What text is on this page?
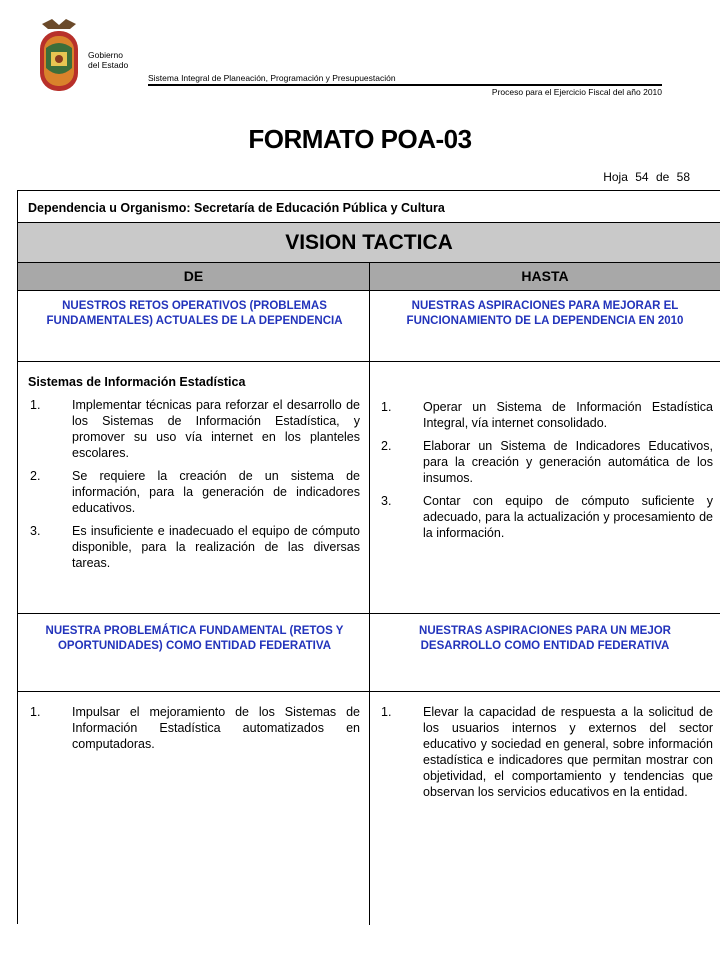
Gobierno
del Estado
Sistema Integral de Planeación, Programación y Presupuestación
Proceso para el Ejercicio Fiscal del año 2010
FORMATO POA-03
Hoja 54 de 58
Dependencia u Organismo: Secretaría de Educación Pública y Cultura
VISION TACTICA
DE	HASTA
NUESTROS RETOS OPERATIVOS (PROBLEMAS FUNDAMENTALES) ACTUALES DE LA DEPENDENCIA
NUESTRAS ASPIRACIONES PARA MEJORAR EL FUNCIONAMIENTO DE LA DEPENDENCIA EN 2010
Sistemas de Información Estadística
1.	Implementar técnicas para reforzar el desarrollo de los Sistemas de Información Estadística, y promover su uso vía internet en los planteles escolares.
2.	Se requiere la creación de un sistema de información, para la generación de indicadores educativos.
3.	Es insuficiente e inadecuado el equipo de cómputo disponible, para la realización de las diversas tareas.
1.	Operar un Sistema de Información Estadística Integral, vía internet consolidado.
2.	Elaborar un Sistema de Indicadores Educativos, para la creación y generación automática de los insumos.
3.	Contar con equipo de cómputo suficiente y adecuado, para la actualización y procesamiento de la información.
NUESTRA PROBLEMÁTICA FUNDAMENTAL (RETOS Y OPORTUNIDADES) COMO ENTIDAD FEDERATIVA
NUESTRAS ASPIRACIONES PARA UN MEJOR DESARROLLO COMO ENTIDAD FEDERATIVA
1.	Impulsar el mejoramiento de los Sistemas de Información Estadística automatizados en computadoras.
1.	Elevar la capacidad de respuesta a la solicitud de los usuarios internos y externos del sector educativo y sociedad en general, sobre información estadística e indicadores que permitan mostrar con objetividad, el comportamiento y tendencias que observan los servicios educativos en la entidad.
